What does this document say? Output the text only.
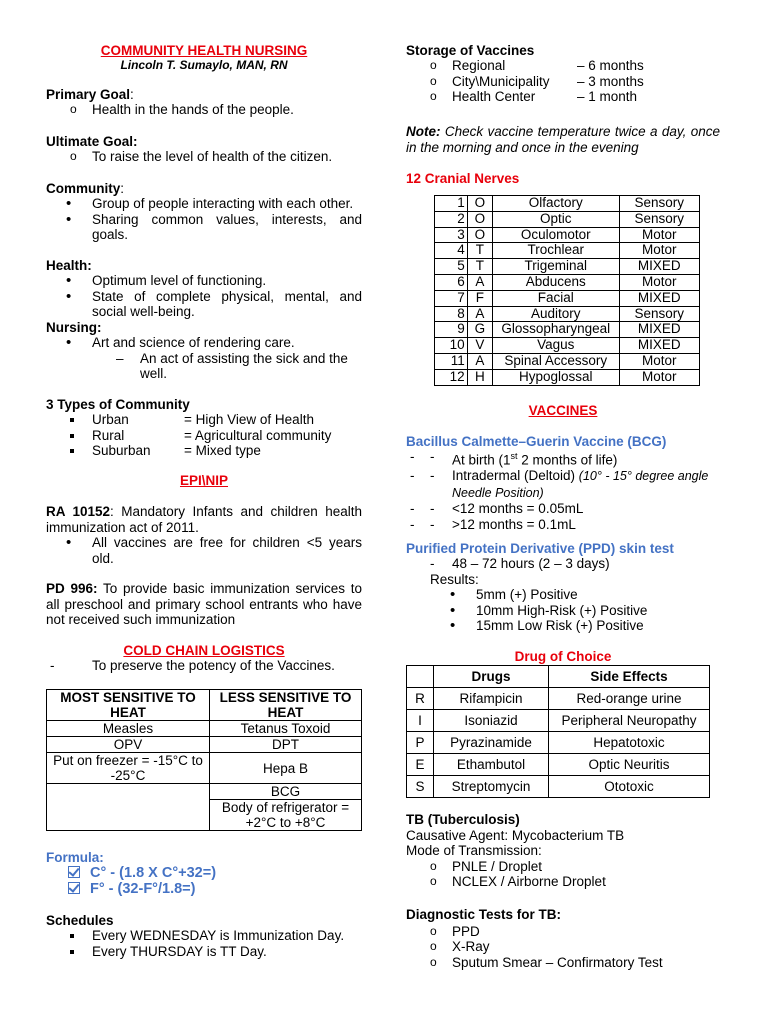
COMMUNITY HEALTH NURSING
Lincoln T. Sumaylo, MAN, RN

Primary Goal:

o Health in the hands of the people.

Ultimate Goal:

o To raise the level of health of the citizen.

Community:

• Group of people interacting with each other.
• Sharing common values, interests, and goals.

Health:

• Optimum level of functioning.
• State of complete physical, mental, and social well-being.

Nursing:

• Art and science of rendering care.
– An act of assisting the sick and the well.

3 Types of Community

Urban	= High View of Health
Rural	= Agricultural community
Suburban = Mixed type
EPI\NIP

RA 10152: Mandatory Infants and children health immunization act of 2011.

• All vaccines are free for children <5 years old.

PD 996: To provide basic immunization services to all preschool and primary school entrants who have not received such immunization

COLD CHAIN LOGISTICS
- To preserve the potency of the Vaccines.
MOST SENSITIVE TO HEAT	LESS SENSITIVE TO HEAT
Measles	Tetanus Toxoid
OPV	DPT
Put on freezer = -15°C to -25°C	Hepa B
	BCG
	Body of refrigerator = +2°C to +8°C

Formula:

C° - (1.8 X C°+32=)

F° - (32-F°/1.8=)

Schedules

Every WEDNESDAY is Immunization Day.
Every THURSDAY is TT Day.

Storage of Vaccines

o Regional	– 6 months
o City\Municipality – 3 months
o Health Center	– 1 month

Note: Check vaccine temperature twice a day, once in the morning and once in the evening

12 Cranial Nerves
1	O	Olfactory	Sensory
2	O	Optic	Sensory
3	O	Oculomotor	Motor
4	T	Trochlear	Motor
5	T	Trigeminal	MIXED
6	A	Abducens	Motor
7	F	Facial	MIXED
8	A	Auditory	Sensory
9	G	Glossopharyngeal	MIXED
10	V	Vagus	MIXED
11	A	Spinal Accessory	Motor
12	H	Hypoglossal	Motor
VACCINES

Bacillus Calmette–Guerin Vaccine (BCG)

- - At birth (1st 2 months of life)
- - Intradermal (Deltoid) (10° - 15° degree angle Needle Position)
- - <12 months = 0.05mL
- - >12 months = 0.1mL

Purified Protein Derivative (PPD) skin test

- 48 – 72 hours (2 – 3 days)

Results:

• 5mm (+) Positive
• 10mm High-Risk (+) Positive
• 15mm Low Risk (+) Positive
Drug of Choice
	Drugs	Side Effects
R	Rifampicin	Red-orange urine
I	Isoniazid	Peripheral Neuropathy
P	Pyrazinamide	Hepatotoxic
E	Ethambutol	Optic Neuritis
S	Streptomycin	Ototoxic

TB (Tuberculosis)

Causative Agent: Mycobacterium TB

Mode of Transmission:

o PNLE / Droplet
o NCLEX / Airborne Droplet

Diagnostic Tests for TB:

o PPD
o X-Ray
o Sputum Smear – Confirmatory Test
